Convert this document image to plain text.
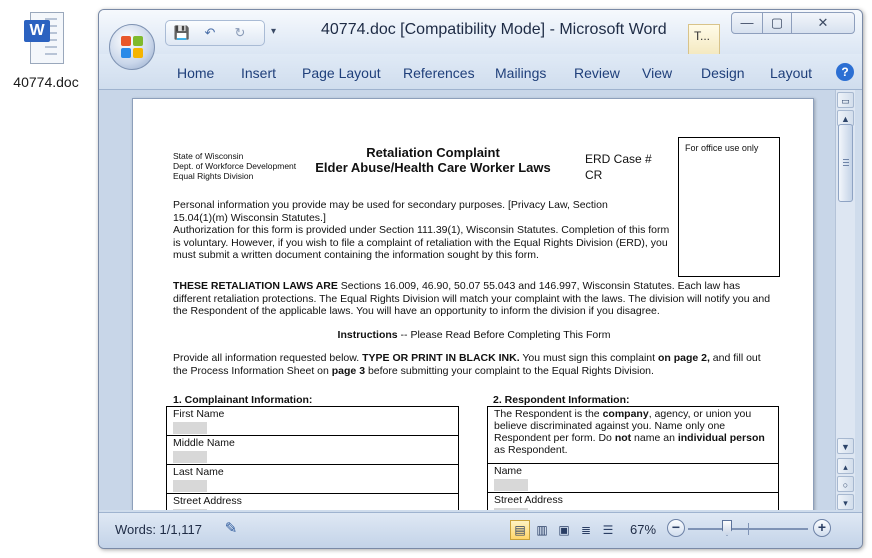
W
40774.doc
💾	↶	↻	▾	40774.doc [Compatibility Mode] - Microsoft Word	T...
—	▢	✕
Home Insert Page Layout References Mailings Review View Design Layout	?
State of Wisconsin
Dept. of Workforce Development
Equal Rights Division
Retaliation Complaint
Elder Abuse/Health Care Worker Laws
ERD Case #
CR
For office use only
Personal information you provide may be used for secondary purposes. [Privacy Law, Section 15.04(1)(m) Wisconsin Statutes.]
Authorization for this form is provided under Section 111.39(1), Wisconsin Statutes. Completion of this form is voluntary. However, if you wish to file a complaint of retaliation with the Equal Rights Division (ERD), you must submit a written document containing the information sought by this form.
THESE RETALIATION LAWS ARE Sections 16.009, 46.90, 50.07 55.043 and 146.997, Wisconsin Statutes. Each law has different retaliation protections. The Equal Rights Division will match your complaint with the laws. The division will notify you and the Respondent of the applicable laws. You will have an opportunity to inform the division if you disagree.
Instructions -- Please Read Before Completing This Form
Provide all information requested below. TYPE OR PRINT IN BLACK INK. You must sign this complaint on page 2, and fill out the Process Information Sheet on page 3 before submitting your complaint to the Equal Rights Division.
1. Complainant Information:
First Name

Middle Name

Last Name

Street Address
2. Respondent Information:
The Respondent is the company, agency, or union you believe discriminated against you. Name only one Respondent per form. Do not name an individual person as Respondent.
Name

Street Address
▭
▲
▼
▴
○
▾
Words: 1/1,117 ✎	▤ ▥ ▣ ≣ ☰	67%	−	+
